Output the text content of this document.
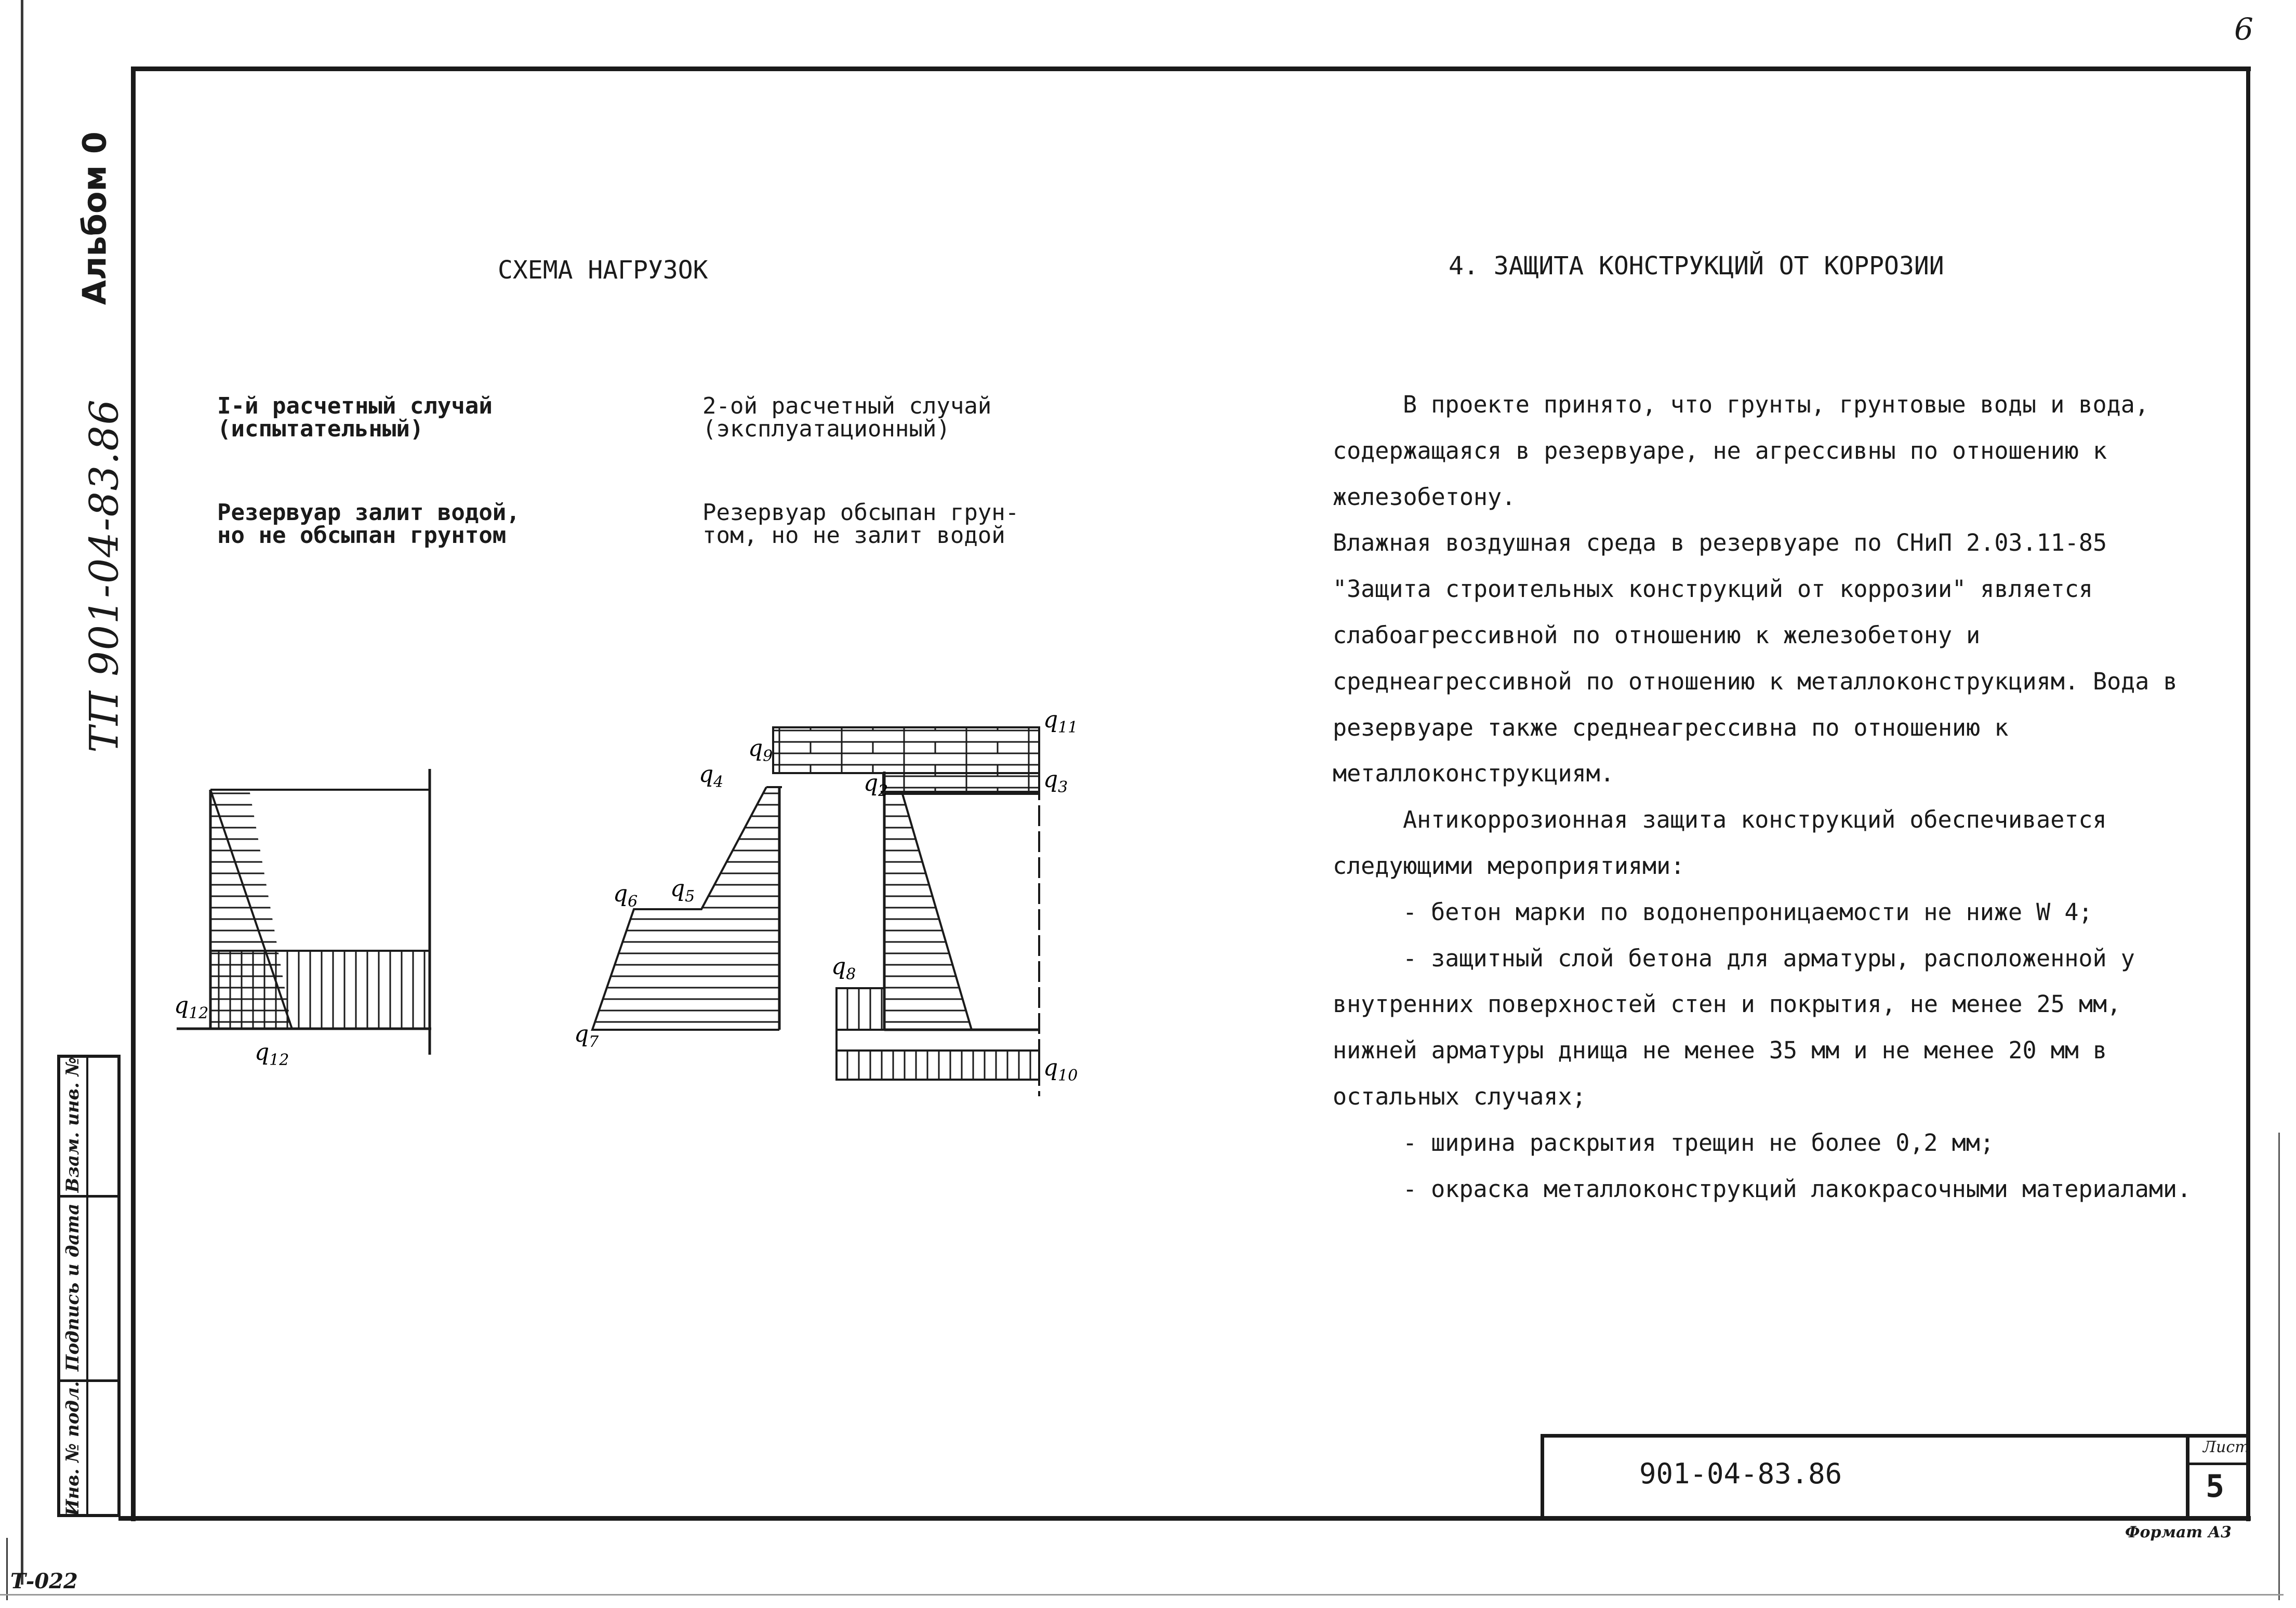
6
Альбом 0
ТП 901-04-83.86
Взам. инв. №
Подпись и дата
Инв. № подл.
Т-022
901-04-83.86
Лист
5
Формат А3
СХЕМА НАГРУЗОК
I-й расчетный случай
(испытательный)
Резервуар залит водой,
но не обсыпан грунтом
2-ой расчетный случай
(эксплуатационный)
Резервуар обсыпан грун-
том, но не залит водой
$q_{12}$
$q_{12}$
$q_4$
$q_9$
$q_6$ $q_5$
$q_7$
$q_{11}$
$q_2$	$q_3$
$q_8$
$q_{10}$
4. ЗАЩИТА КОНСТРУКЦИЙ ОТ КОРРОЗИИ

В проекте принято, что грунты, грунтовые воды и вода, содержащаяся в резервуаре, не агрессивны по отношению к железобетону.

Влажная воздушная среда в резервуаре по СНиП 2.03.11-85 "Защита строительных конструкций от коррозии" является слабоагрессивной по отношению к железобетону и среднеагрессивной по отношению к металлоконструкциям. Вода в резервуаре также среднеагрессивна по отношению к металлоконструкциям.

Антикоррозионная защита конструкций обеспечивается следующими мероприятиями:

- бетон марки по водонепроницаемости не ниже W 4;

- защитный слой бетона для арматуры, расположенной у внутренних поверхностей стен и покрытия, не менее 25 мм, нижней арматуры днища не менее 35 мм и не менее 20 мм в остальных случаях;

- ширина раскрытия трещин не более 0,2 мм;

- окраска металлоконструкций лакокрасочными материалами.
